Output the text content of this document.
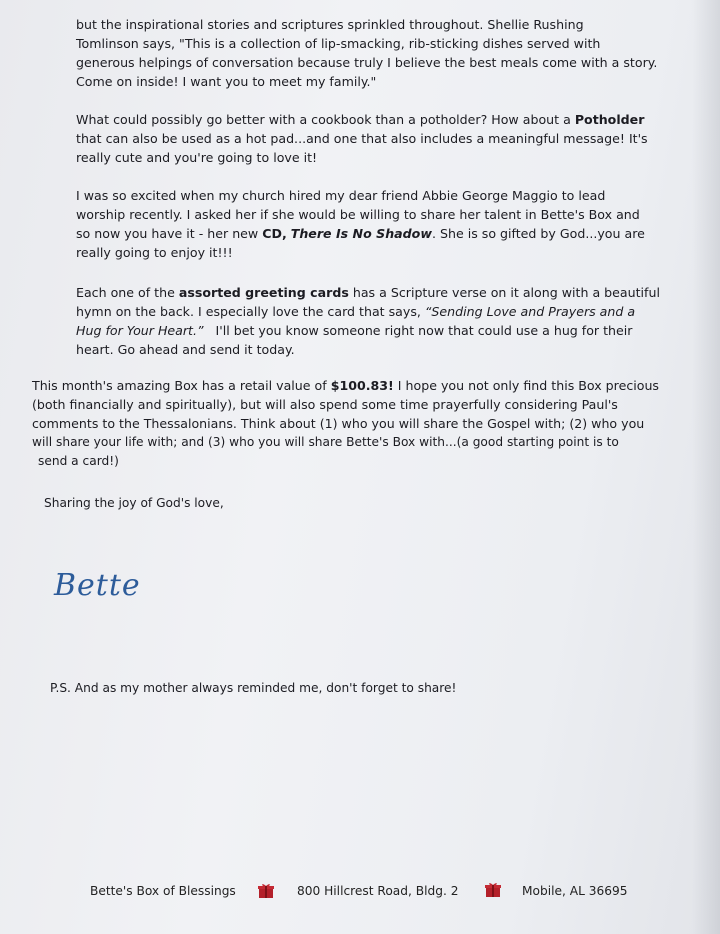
but the inspirational stories and scriptures sprinkled throughout. Shellie Rushing
Tomlinson says, "This is a collection of lip-smacking, rib-sticking dishes served with
generous helpings of conversation because truly I believe the best meals come with a story.
Come on inside! I want you to meet my family."
What could possibly go better with a cookbook than a potholder? How about a Potholder
that can also be used as a hot pad...and one that also includes a meaningful message! It's
really cute and you're going to love it!
I was so excited when my church hired my dear friend Abbie George Maggio to lead
worship recently. I asked her if she would be willing to share her talent in Bette's Box and
so now you have it - her new CD, There Is No Shadow. She is so gifted by God...you are
really going to enjoy it!!!
Each one of the assorted greeting cards has a Scripture verse on it along with a beautiful
hymn on the back. I especially love the card that says, “Sending Love and Prayers and a
Hug for Your Heart.”   I'll bet you know someone right now that could use a hug for their
heart. Go ahead and send it today.
This month's amazing Box has a retail value of $100.83! I hope you not only find this Box precious
(both financially and spiritually), but will also spend some time prayerfully considering Paul's
comments to the Thessalonians. Think about (1) who you will share the Gospel with; (2) who you
will share your life with; and (3) who you will share Bette's Box with...(a good starting point is to
send a card!)
Sharing the joy of God's love,
Bette
P.S. And as my mother always reminded me, don't forget to share!
Bette's Box of Blessings	800 Hillcrest Road, Bldg. 2	Mobile, AL 36695
